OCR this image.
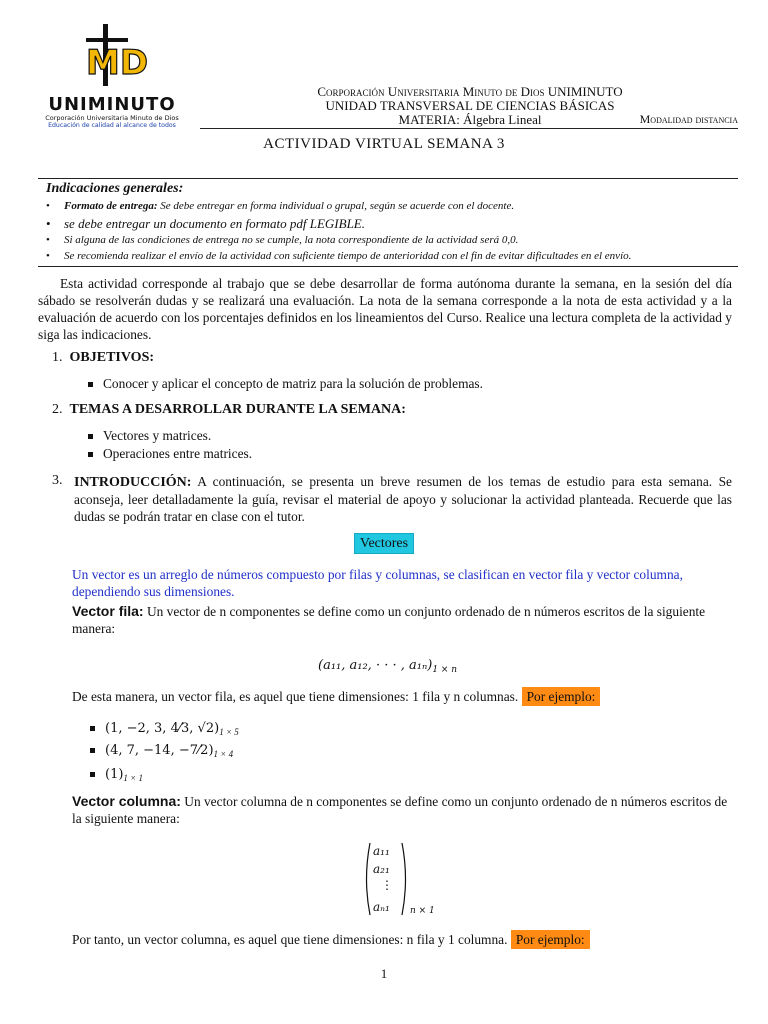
MD
UNIMINUTO
Corporación Universitaria Minuto de Dios
Educación de calidad al alcance de todos
Corporación Universitaria Minuto de Dios UNIMINUTO
UNIDAD TRANSVERSAL DE CIENCIAS BÁSICAS
MATERIA: Álgebra Lineal	Modalidad distancia
ACTIVIDAD VIRTUAL SEMANA 3
Indicaciones generales:
• Formato de entrega: Se debe entregar en forma individual o grupal, según se acuerde con el docente.
• se debe entregar un documento en formato pdf LEGIBLE.
• Si alguna de las condiciones de entrega no se cumple, la nota correspondiente de la actividad será 0,0.
• Se recomienda realizar el envío de la actividad con suficiente tiempo de anterioridad con el fin de evitar dificultades en el envío.
Esta actividad corresponde al trabajo que se debe desarrollar de forma autónoma durante la semana, en la sesión del día sábado se resolverán dudas y se realizará una evaluación. La nota de la semana corresponde a la nota de esta actividad y a la evaluación de acuerdo con los porcentajes definidos en los lineamientos del Curso. Realice una lectura completa de la actividad y siga las indicaciones.
1. OBJETIVOS:
Conocer y aplicar el concepto de matriz para la solución de problemas.
2. TEMAS A DESARROLLAR DURANTE LA SEMANA:
Vectores y matrices.
Operaciones entre matrices.
3. INTRODUCCIÓN: A continuación, se presenta un breve resumen de los temas de estudio para esta semana. Se aconseja, leer detalladamente la guía, revisar el material de apoyo y solucionar la actividad planteada. Recuerde que las dudas se podrán tratar en clase con el tutor.
Vectores
Un vector es un arreglo de números compuesto por filas y columnas, se clasifican en vector fila y vector columna, dependiendo sus dimensiones.
Vector fila: Un vector de n componentes se define como un conjunto ordenado de n números escritos de la siguiente manera:
(a₁₁, a₁₂, · · · , $a_{1n})_{1 \times n}$
De esta manera, un vector fila, es aquel que tiene dimensiones: 1 fila y n columnas. Por ejemplo:
(1, −2, 3, 4⁄3, $√2)_{1 \times 5}$
(4, 7, −14, $-7⁄2)_{1 \times 4}$
$(1)_{1 \times 1}$
Vector columna: Un vector columna de n componentes se define como un conjunto ordenado de n números escritos de la siguiente manera:
a₁₁
a₂₁
⋮
aₙ₁ n × 1
Por tanto, un vector columna, es aquel que tiene dimensiones: n fila y 1 columna. Por ejemplo:
1
